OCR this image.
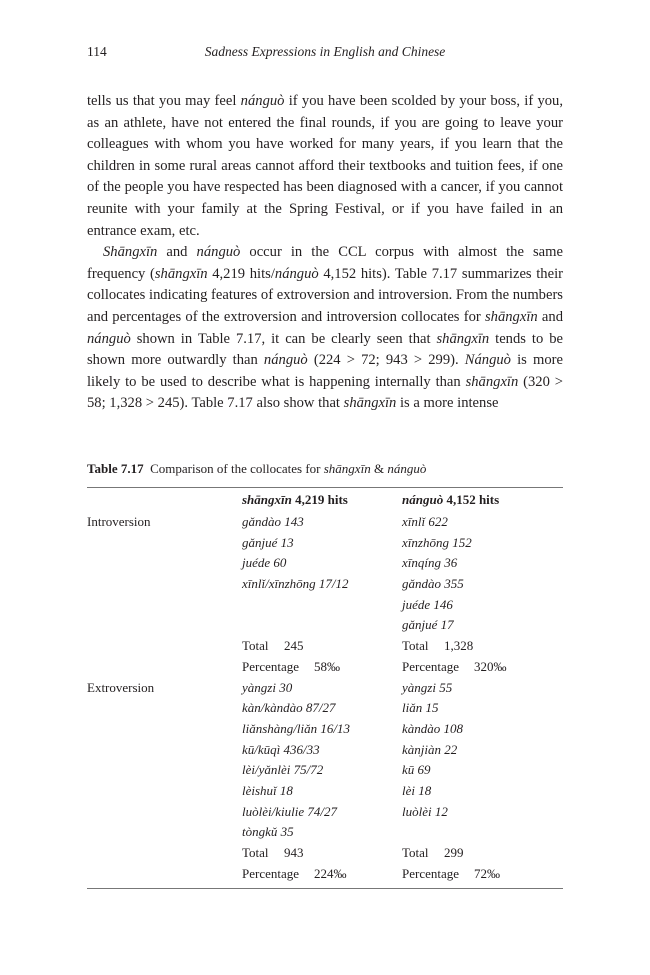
114	Sadness Expressions in English and Chinese

tells us that you may feel nánguò if you have been scolded by your boss, if you, as an athlete, have not entered the final rounds, if you are going to leave your colleagues with whom you have worked for many years, if you learn that the children in some rural areas cannot afford their textbooks and tuition fees, if one of the people you have respected has been diagnosed with a cancer, if you cannot reunite with your family at the Spring Festival, or if you have failed in an entrance exam, etc.

Shāngxīn and nánguò occur in the CCL corpus with almost the same frequency (shāngxīn 4,219 hits/nánguò 4,152 hits). Table 7.17 summarizes their collocates indicating features of extroversion and introversion. From the numbers and percentages of the extroversion and introversion collocates for shāngxīn and nánguò shown in Table 7.17, it can be clearly seen that shāngxīn tends to be shown more outwardly than nánguò (224 > 72; 943 > 299). Nánguò is more likely to be used to describe what is happening internally than shāngxīn (320 > 58; 1,328 > 245). Table 7.17 also show that shāngxīn is a more intense

Table 7.17 Comparison of the collocates for shāngxīn & nánguò
	shāngxīn 4,219 hits	nánguò 4,152 hits
Introversion	gǎndào 143	xīnlǐ 622
	gǎnjué 13	xīnzhōng 152
	juéde 60	xīnqíng 36
	xīnlǐ/xīnzhōng 17/12	gǎndào 355
		juéde 146
		gǎnjué 17
	Total 245	Total 1,328
	Percentage 58‰	Percentage 320‰
Extroversion	yàngzi 30	yàngzi 55
	kàn/kàndào 87/27	liǎn 15
	liǎnshàng/liǎn 16/13	kàndào 108
	kū/kūqì 436/33	kànjiàn 22
	lèi/yǎnlèi 75/72	kū 69
	lèishuǐ 18	lèi 18
	luòlèi/kiulie 74/27	luòlèi 12
	tòngkǔ 35	
	Total 943	Total 299
	Percentage 224‰	Percentage 72‰
